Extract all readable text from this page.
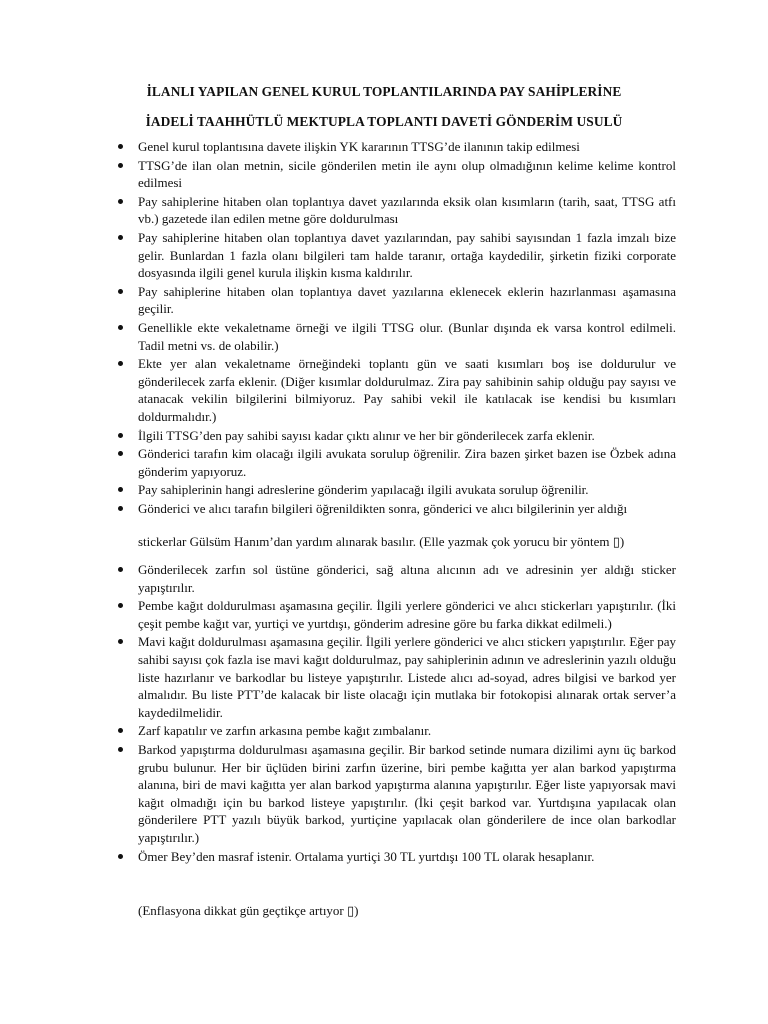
İLANLI YAPILAN GENEL KURUL TOPLANTILARINDA PAY SAHİPLERİNE

İADELİ TAAHHÜTLÜ MEKTUPLA TOPLANTI DAVETİ GÖNDERİM USULÜ

Genel kurul toplantısına davete ilişkin YK kararının TTSG’de ilanının takip edilmesi
TTSG’de ilan olan metnin, sicile gönderilen metin ile aynı olup olmadığının kelime kelime kontrol edilmesi
Pay sahiplerine hitaben olan toplantıya davet yazılarında eksik olan kısımların (tarih, saat, TTSG atfı vb.) gazetede ilan edilen metne göre doldurulması
Pay sahiplerine hitaben olan toplantıya davet yazılarından, pay sahibi sayısından 1 fazla imzalı bize gelir. Bunlardan 1 fazla olanı bilgileri tam halde taranır, ortağa kaydedilir, şirketin fiziki corporate dosyasında ilgili genel kurula ilişkin kısma kaldırılır.
Pay sahiplerine hitaben olan toplantıya davet yazılarına eklenecek eklerin hazırlanması aşamasına geçilir.
Genellikle ekte vekaletname örneği ve ilgili TTSG olur. (Bunlar dışında ek varsa kontrol edilmeli. Tadil metni vs. de olabilir.)
Ekte yer alan vekaletname örneğindeki toplantı gün ve saati kısımları boş ise doldurulur ve gönderilecek zarfa eklenir. (Diğer kısımlar doldurulmaz. Zira pay sahibinin sahip olduğu pay sayısı ve atanacak vekilin bilgilerini bilmiyoruz. Pay sahibi vekil ile katılacak ise kendisi bu kısımları doldurmalıdır.)
İlgili TTSG’den pay sahibi sayısı kadar çıktı alınır ve her bir gönderilecek zarfa eklenir.
Gönderici tarafın kim olacağı ilgili avukata sorulup öğrenilir. Zira bazen şirket bazen ise Özbek adına gönderim yapıyoruz.
Pay sahiplerinin hangi adreslerine gönderim yapılacağı ilgili avukata sorulup öğrenilir.
Gönderici ve alıcı tarafın bilgileri öğrenildikten sonra, gönderici ve alıcı bilgilerinin yer aldığı

stickerlar Gülsüm Hanım’dan yardım alınarak basılır. (Elle yazmak çok yorucu bir yöntem ▯)

Gönderilecek zarfın sol üstüne gönderici, sağ altına alıcının adı ve adresinin yer aldığı sticker yapıştırılır.
Pembe kağıt doldurulması aşamasına geçilir. İlgili yerlere gönderici ve alıcı stickerları yapıştırılır. (İki çeşit pembe kağıt var, yurtiçi ve yurtdışı, gönderim adresine göre bu farka dikkat edilmeli.)
Mavi kağıt doldurulması aşamasına geçilir. İlgili yerlere gönderici ve alıcı stickerı yapıştırılır. Eğer pay sahibi sayısı çok fazla ise mavi kağıt doldurulmaz, pay sahiplerinin adının ve adreslerinin yazılı olduğu liste hazırlanır ve barkodlar bu listeye yapıştırılır. Listede alıcı ad-soyad, adres bilgisi ve barkod yer almalıdır. Bu liste PTT’de kalacak bir liste olacağı için mutlaka bir fotokopisi alınarak ortak server’a kaydedilmelidir.
Zarf kapatılır ve zarfın arkasına pembe kağıt zımbalanır.
Barkod yapıştırma doldurulması aşamasına geçilir. Bir barkod setinde numara dizilimi aynı üç barkod grubu bulunur. Her bir üçlüden birini zarfın üzerine, biri pembe kağıtta yer alan barkod yapıştırma alanına, biri de mavi kağıtta yer alan barkod yapıştırma alanına yapıştırılır. Eğer liste yapıyorsak mavi kağıt olmadığı için bu barkod listeye yapıştırılır. (İki çeşit barkod var. Yurtdışına yapılacak olan gönderilere PTT yazılı büyük barkod, yurtiçine yapılacak olan gönderilere de ince olan barkodlar yapıştırılır.)
Ömer Bey’den masraf istenir. Ortalama yurtiçi 30 TL yurtdışı 100 TL olarak hesaplanır.

(Enflasyona dikkat gün geçtikçe artıyor ▯)
